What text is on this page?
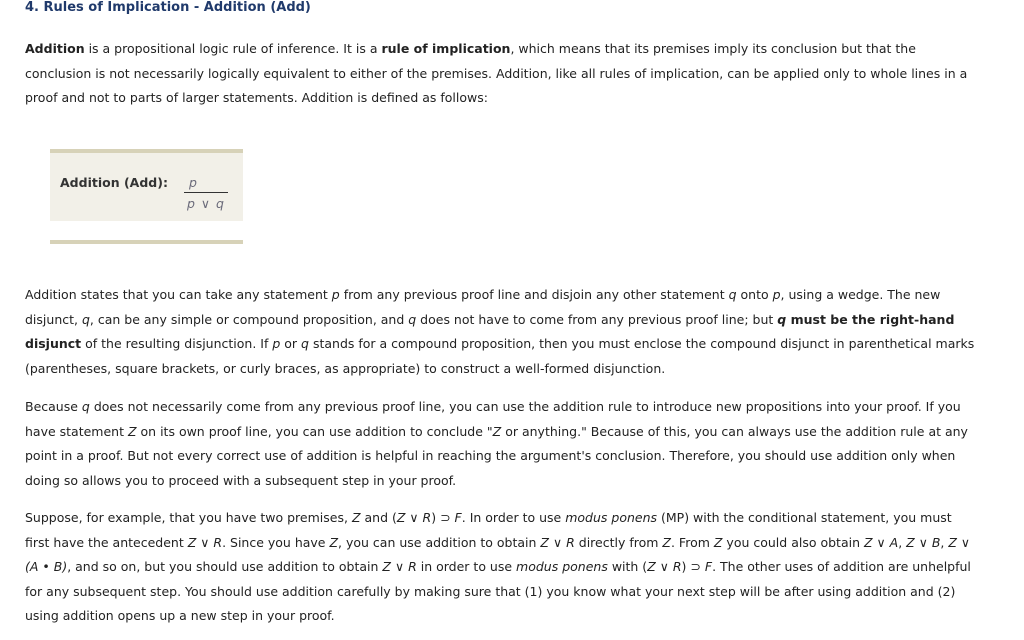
4. Rules of Implication - Addition (Add)

Addition is a propositional logic rule of inference. It is a rule of implication, which means that its premises imply its conclusion but that the conclusion is not necessarily logically equivalent to either of the premises. Addition, like all rules of implication, can be applied only to whole lines in a proof and not to parts of larger statements. Addition is defined as follows:

Addition (Add):	p
p ∨ q

Addition states that you can take any statement p from any previous proof line and disjoin any other statement q onto p, using a wedge. The new disjunct, q, can be any simple or compound proposition, and q does not have to come from any previous proof line; but q must be the right-hand disjunct of the resulting disjunction. If p or q stands for a compound proposition, then you must enclose the compound disjunct in parenthetical marks (parentheses, square brackets, or curly braces, as appropriate) to construct a well-formed disjunction.

Because q does not necessarily come from any previous proof line, you can use the addition rule to introduce new propositions into your proof. If you have statement Z on its own proof line, you can use addition to conclude "Z or anything." Because of this, you can always use the addition rule at any point in a proof. But not every correct use of addition is helpful in reaching the argument's conclusion. Therefore, you should use addition only when doing so allows you to proceed with a subsequent step in your proof.

Suppose, for example, that you have two premises, Z and (Z ∨ R) ⊃ F. In order to use modus ponens (MP) with the conditional statement, you must first have the antecedent Z ∨ R. Since you have Z, you can use addition to obtain Z ∨ R directly from Z. From Z you could also obtain Z ∨ A, Z ∨ B, Z ∨ (A • B), and so on, but you should use addition to obtain Z ∨ R in order to use modus ponens with (Z ∨ R) ⊃ F. The other uses of addition are unhelpful for any subsequent step. You should use addition carefully by making sure that (1) you know what your next step will be after using addition and (2) using addition opens up a new step in your proof.
